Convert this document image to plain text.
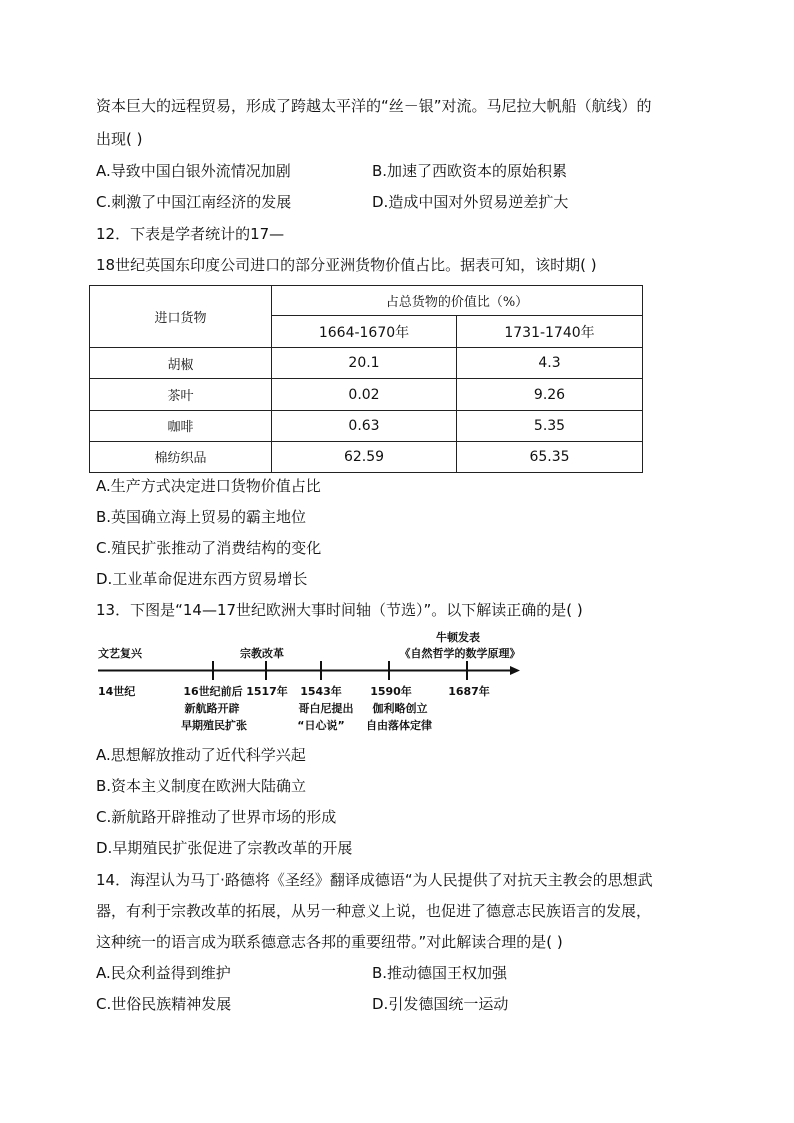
资本巨大的远程贸易，形成了跨越太平洋的“丝－银”对流。马尼拉大帆船（航线）的
出现( )
A.导致中国白银外流情况加剧	B.加速了西欧资本的原始积累
C.刺激了中国江南经济的发展	D.造成中国对外贸易逆差扩大
12．下表是学者统计的17—
18世纪英国东印度公司进口的部分亚洲货物价值占比。据表可知，该时期( )
进口货物	占总货物的价值比（%）	
	1664-1670年	1731-1740年
胡椒	20.1	4.3
茶叶	0.02	9.26
咖啡	0.63	5.35
棉纺织品	62.59	65.35
A.生产方式决定进口货物价值占比
B.英国确立海上贸易的霸主地位
C.殖民扩张推动了消费结构的变化
D.工业革命促进东西方贸易增长
13．下图是“14—17世纪欧洲大事时间轴（节选）”。以下解读正确的是( )
文艺复兴	宗教改革
牛顿发表
《自然哲学的数学原理》
14世纪	16世纪前后 1517年 1543年	1590年	1687年
新航路开辟
早期殖民扩张
哥白尼提出
“日心说”
伽利略创立
自由落体定律
A.思想解放推动了近代科学兴起
B.资本主义制度在欧洲大陆确立
C.新航路开辟推动了世界市场的形成
D.早期殖民扩张促进了宗教改革的开展
14．海涅认为马丁·路德将《圣经》翻译成德语“为人民提供了对抗天主教会的思想武
器，有利于宗教改革的拓展，从另一种意义上说，也促进了德意志民族语言的发展，
这种统一的语言成为联系德意志各邦的重要纽带。”对此解读合理的是( )
A.民众利益得到维护	B.推动德国王权加强
C.世俗民族精神发展	D.引发德国统一运动
